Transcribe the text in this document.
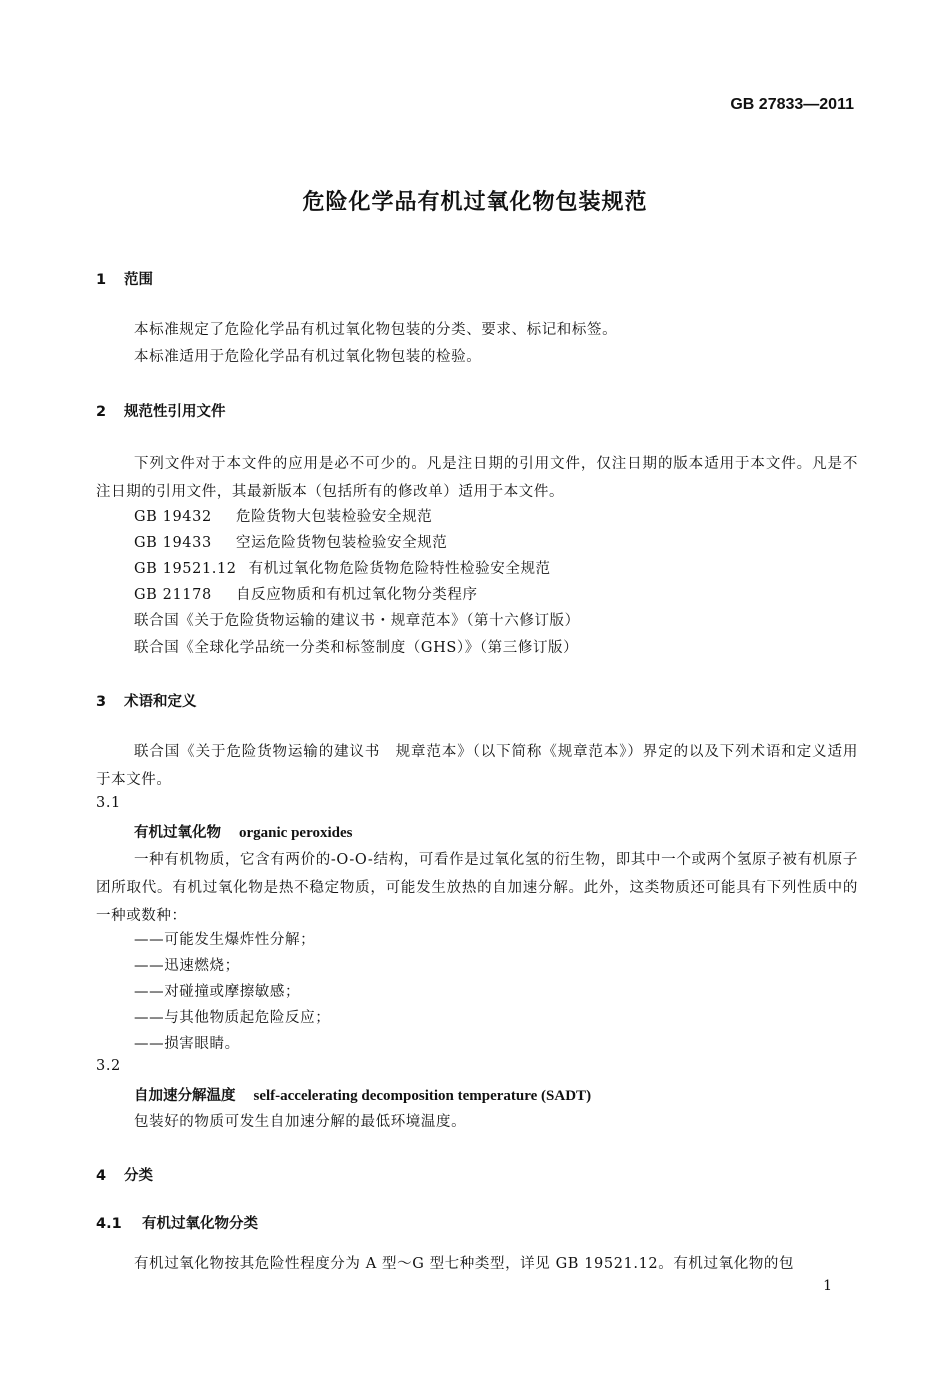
GB 27833—2011
危险化学品有机过氧化物包装规范
1 范围
本标准规定了危险化学品有机过氧化物包装的分类、要求、标记和标签。
本标准适用于危险化学品有机过氧化物包装的检验。
2 规范性引用文件
下列文件对于本文件的应用是必不可少的。凡是注日期的引用文件，仅注日期的版本适用于本文件。凡是不注日期的引用文件，其最新版本（包括所有的修改单）适用于本文件。
GB 19432 危险货物大包装检验安全规范
GB 19433 空运危险货物包装检验安全规范
GB 19521.12 有机过氧化物危险货物危险特性检验安全规范
GB 21178 自反应物质和有机过氧化物分类程序
联合国《关于危险货物运输的建议书・规章范本》（第十六修订版）
联合国《全球化学品统一分类和标签制度（GHS）》（第三修订版）
3 术语和定义
联合国《关于危险货物运输的建议书　规章范本》（以下简称《规章范本》）界定的以及下列术语和定义适用于本文件。
3.1
有机过氧化物 organic peroxides
一种有机物质，它含有两价的-O-O-结构，可看作是过氧化氢的衍生物，即其中一个或两个氢原子被有机原子团所取代。有机过氧化物是热不稳定物质，可能发生放热的自加速分解。此外，这类物质还可能具有下列性质中的一种或数种：
——可能发生爆炸性分解；
——迅速燃烧；
——对碰撞或摩擦敏感；
——与其他物质起危险反应；
——损害眼睛。
3.2
自加速分解温度 self-accelerating decomposition temperature (SADT)
包装好的物质可发生自加速分解的最低环境温度。
4 分类
4.1 有机过氧化物分类
有机过氧化物按其危险性程度分为 A 型～G 型七种类型，详见 GB 19521.12。有机过氧化物的包
1
